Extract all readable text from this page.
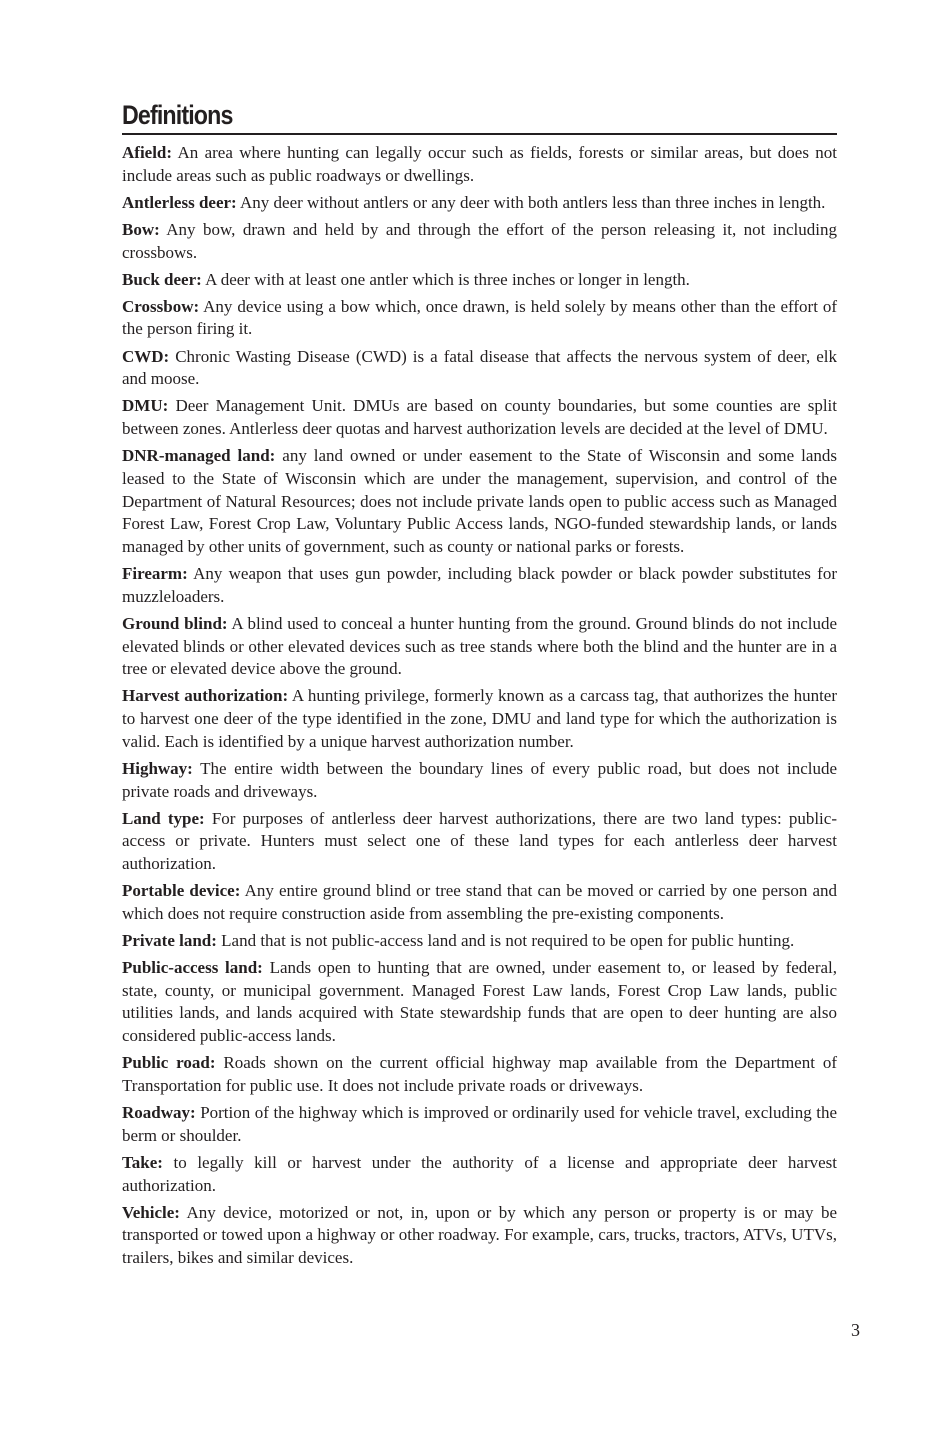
Definitions

Afield: An area where hunting can legally occur such as fields, forests or similar areas, but does not include areas such as public roadways or dwellings.

Antlerless deer: Any deer without antlers or any deer with both antlers less than three inches in length.

Bow: Any bow, drawn and held by and through the effort of the person releasing it, not including crossbows.

Buck deer: A deer with at least one antler which is three inches or longer in length.

Crossbow: Any device using a bow which, once drawn, is held solely by means other than the effort of the person firing it.

CWD: Chronic Wasting Disease (CWD) is a fatal disease that affects the nervous system of deer, elk and moose.

DMU: Deer Management Unit. DMUs are based on county boundaries, but some counties are split between zones. Antlerless deer quotas and harvest authorization levels are decided at the level of DMU.

DNR-managed land: any land owned or under easement to the State of Wisconsin and some lands leased to the State of Wisconsin which are under the management, supervision, and control of the Department of Natural Resources; does not include private lands open to public access such as Managed Forest Law, Forest Crop Law, Voluntary Public Access lands, NGO-funded stewardship lands, or lands managed by other units of government, such as county or national parks or forests.

Firearm: Any weapon that uses gun powder, including black powder or black powder substitutes for muzzleloaders.

Ground blind: A blind used to conceal a hunter hunting from the ground. Ground blinds do not include elevated blinds or other elevated devices such as tree stands where both the blind and the hunter are in a tree or elevated device above the ground.

Harvest authorization: A hunting privilege, formerly known as a carcass tag, that authorizes the hunter to harvest one deer of the type identified in the zone, DMU and land type for which the authorization is valid. Each is identified by a unique harvest authorization number.

Highway: The entire width between the boundary lines of every public road, but does not include private roads and driveways.

Land type: For purposes of antlerless deer harvest authorizations, there are two land types: public-access or private. Hunters must select one of these land types for each antlerless deer harvest authorization.

Portable device: Any entire ground blind or tree stand that can be moved or carried by one person and which does not require construction aside from assembling the pre-existing components.

Private land: Land that is not public-access land and is not required to be open for public hunting.

Public-access land: Lands open to hunting that are owned, under easement to, or leased by federal, state, county, or municipal government. Managed Forest Law lands, Forest Crop Law lands, public utilities lands, and lands acquired with State stewardship funds that are open to deer hunting are also considered public-access lands.

Public road: Roads shown on the current official highway map available from the Department of Transportation for public use. It does not include private roads or driveways.

Roadway: Portion of the highway which is improved or ordinarily used for vehicle travel, excluding the berm or shoulder.

Take: to legally kill or harvest under the authority of a license and appropriate deer harvest authorization.

Vehicle: Any device, motorized or not, in, upon or by which any person or property is or may be transported or towed upon a highway or other roadway. For example, cars, trucks, tractors, ATVs, UTVs, trailers, bikes and similar devices.

3
